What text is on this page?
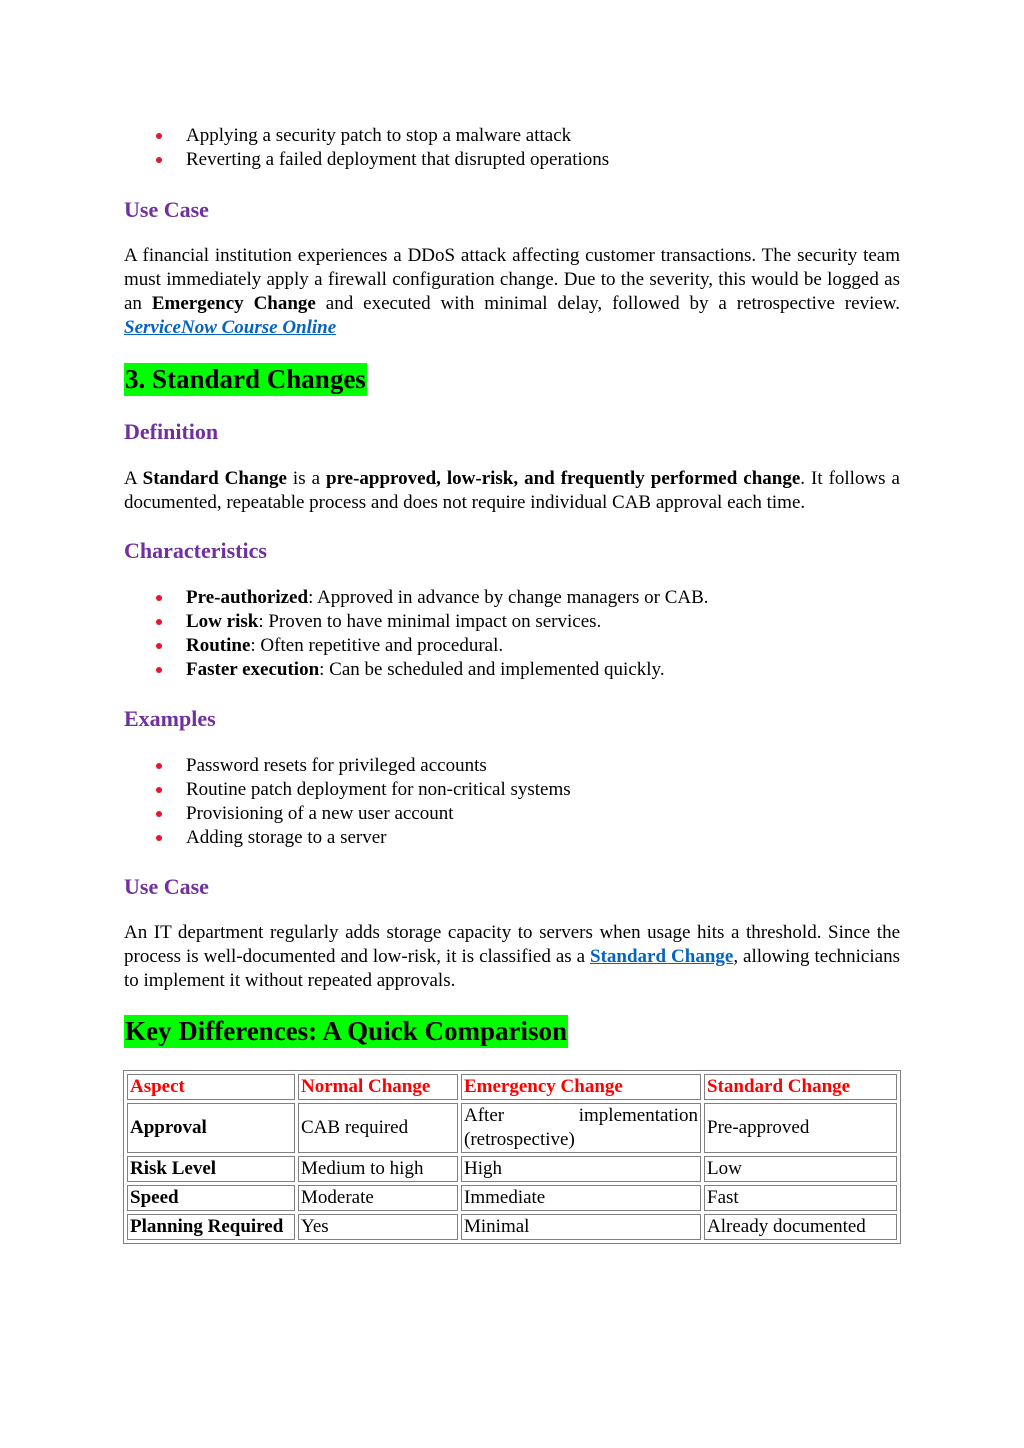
Applying a security patch to stop a malware attack
Reverting a failed deployment that disrupted operations
Use Case

A financial institution experiences a DDoS attack affecting customer transactions. The security team must immediately apply a firewall configuration change. Due to the severity, this would be logged as an Emergency Change and executed with minimal delay, followed by a retrospective review. ServiceNow Course Online

3. Standard Changes
Definition

A Standard Change is a pre-approved, low-risk, and frequently performed change. It follows a documented, repeatable process and does not require individual CAB approval each time.

Characteristics
Pre-authorized: Approved in advance by change managers or CAB.
Low risk: Proven to have minimal impact on services.
Routine: Often repetitive and procedural.
Faster execution: Can be scheduled and implemented quickly.
Examples
Password resets for privileged accounts
Routine patch deployment for non-critical systems
Provisioning of a new user account
Adding storage to a server
Use Case

An IT department regularly adds storage capacity to servers when usage hits a threshold. Since the process is well-documented and low-risk, it is classified as a Standard Change, allowing technicians to implement it without repeated approvals.

Key Differences: A Quick Comparison
Aspect	Normal Change	Emergency Change	Standard Change
Approval	CAB required	After implementation (retrospective)	Pre-approved
Risk Level	Medium to high	High	Low
Speed	Moderate	Immediate	Fast
Planning Required	Yes	Minimal	Already documented
